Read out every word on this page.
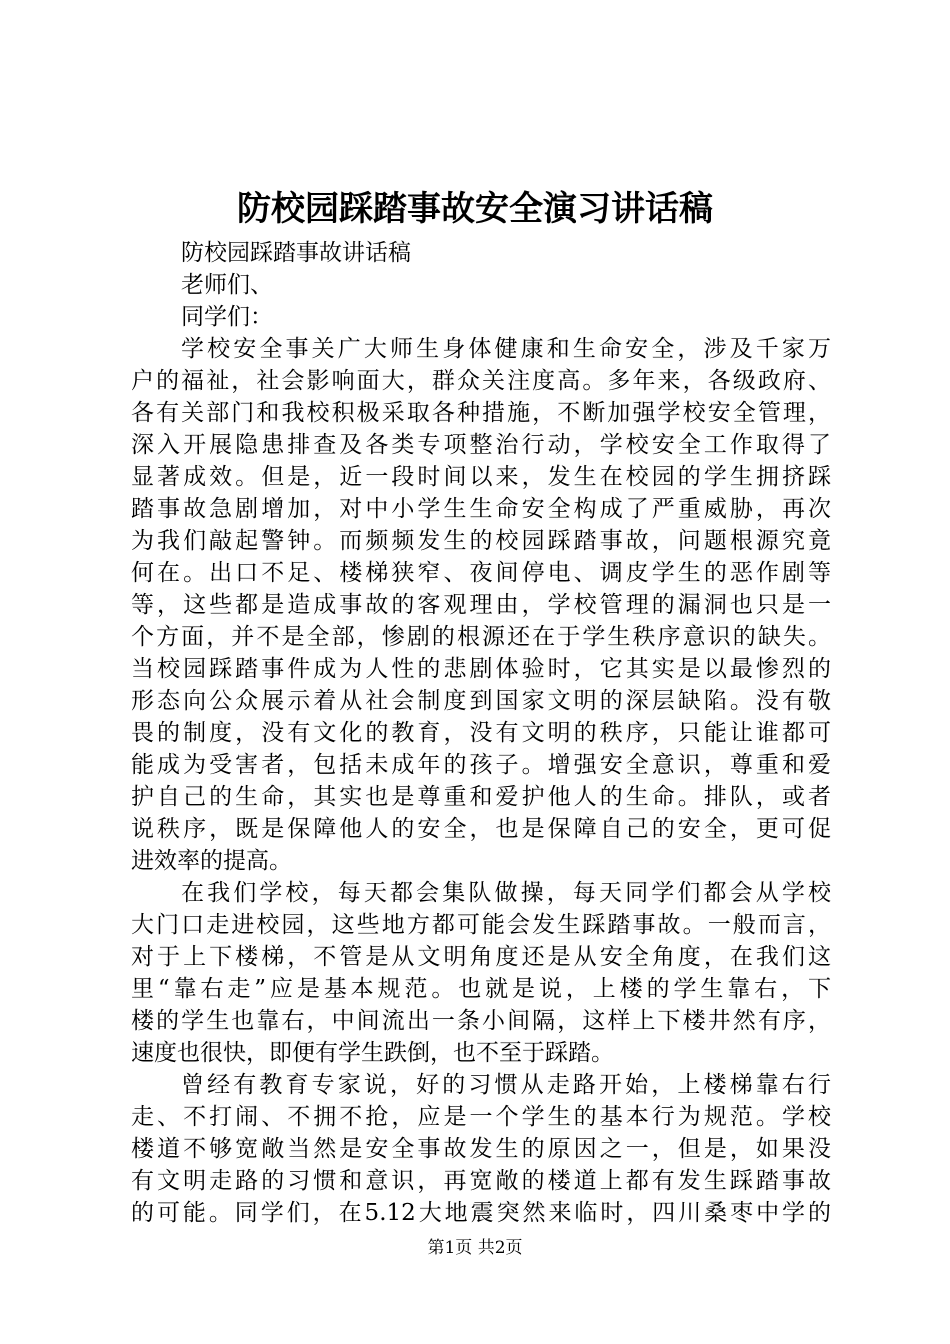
防校园踩踏事故安全演习讲话稿
防校园踩踏事故讲话稿
老师们、
同学们：
学校安全事关广大师生身体健康和生命安全，涉及千家万
户的福祉，社会影响面大，群众关注度高。多年来，各级政府、
各有关部门和我校积极采取各种措施，不断加强学校安全管理，
深入开展隐患排查及各类专项整治行动，学校安全工作取得了
显著成效。但是，近一段时间以来，发生在校园的学生拥挤踩
踏事故急剧增加，对中小学生生命安全构成了严重威胁，再次
为我们敲起警钟。而频频发生的校园踩踏事故，问题根源究竟
何在。出口不足、楼梯狭窄、夜间停电、调皮学生的恶作剧等
等，这些都是造成事故的客观理由，学校管理的漏洞也只是一
个方面，并不是全部，惨剧的根源还在于学生秩序意识的缺失。
当校园踩踏事件成为人性的悲剧体验时，它其实是以最惨烈的
形态向公众展示着从社会制度到国家文明的深层缺陷。没有敬
畏的制度，没有文化的教育，没有文明的秩序，只能让谁都可
能成为受害者，包括未成年的孩子。增强安全意识，尊重和爱
护自己的生命，其实也是尊重和爱护他人的生命。排队，或者
说秩序，既是保障他人的安全，也是保障自己的安全，更可促
进效率的提高。
在我们学校，每天都会集队做操，每天同学们都会从学校
大门口走进校园，这些地方都可能会发生踩踏事故。一般而言，
对于上下楼梯，不管是从文明角度还是从安全角度，在我们这
里“靠右走”应是基本规范。也就是说，上楼的学生靠右，下
楼的学生也靠右，中间流出一条小间隔，这样上下楼井然有序，
速度也很快，即便有学生跌倒，也不至于踩踏。
曾经有教育专家说，好的习惯从走路开始，上楼梯靠右行
走、不打闹、不拥不抢，应是一个学生的基本行为规范。学校
楼道不够宽敞当然是安全事故发生的原因之一，但是，如果没
有文明走路的习惯和意识，再宽敞的楼道上都有发生踩踏事故
的可能。同学们，在5.12大地震突然来临时，四川桑枣中学的
第1页 共2页
